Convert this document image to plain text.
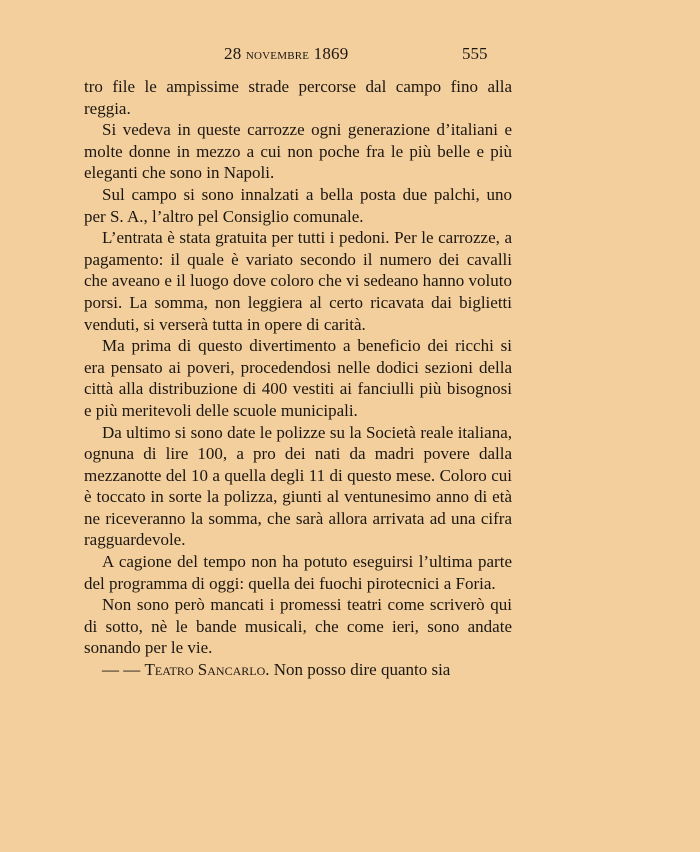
28 novembre 1869	555

tro file le ampissime strade percorse dal campo fino alla reggia.

Si vedeva in queste carrozze ogni generazione d’italiani e molte donne in mezzo a cui non poche fra le più belle e più eleganti che sono in Napoli.

Sul campo si sono innalzati a bella posta due palchi, uno per S. A., l’altro pel Consiglio comunale.

L’entrata è stata gratuita per tutti i pedoni. Per le carrozze, a pagamento: il quale è variato secondo il numero dei cavalli che aveano e il luogo dove coloro che vi sedeano hanno voluto porsi. La somma, non leggiera al certo ricavata dai biglietti venduti, si verserà tutta in opere di carità.

Ma prima di questo divertimento a beneficio dei ricchi si era pensato ai poveri, procedendosi nelle dodici sezioni della città alla distribuzione di 400 vestiti ai fanciulli più bisognosi e più meritevoli delle scuole municipali.

Da ultimo si sono date le polizze su la Società reale italiana, ognuna di lire 100, a pro dei nati da madri povere dalla mezzanotte del 10 a quella degli 11 di questo mese. Coloro cui è toccato in sorte la polizza, giunti al ventunesimo anno di età ne riceveranno la somma, che sarà allora arrivata ad una cifra ragguardevole.

A cagione del tempo non ha potuto eseguirsi l’ultima parte del programma di oggi: quella dei fuochi pirotecnici a Foria.

Non sono però mancati i promessi teatri come scriverò qui di sotto, nè le bande musicali, che come ieri, sono andate sonando per le vie.

— — Teatro Sancarlo. Non posso dire quanto sia
